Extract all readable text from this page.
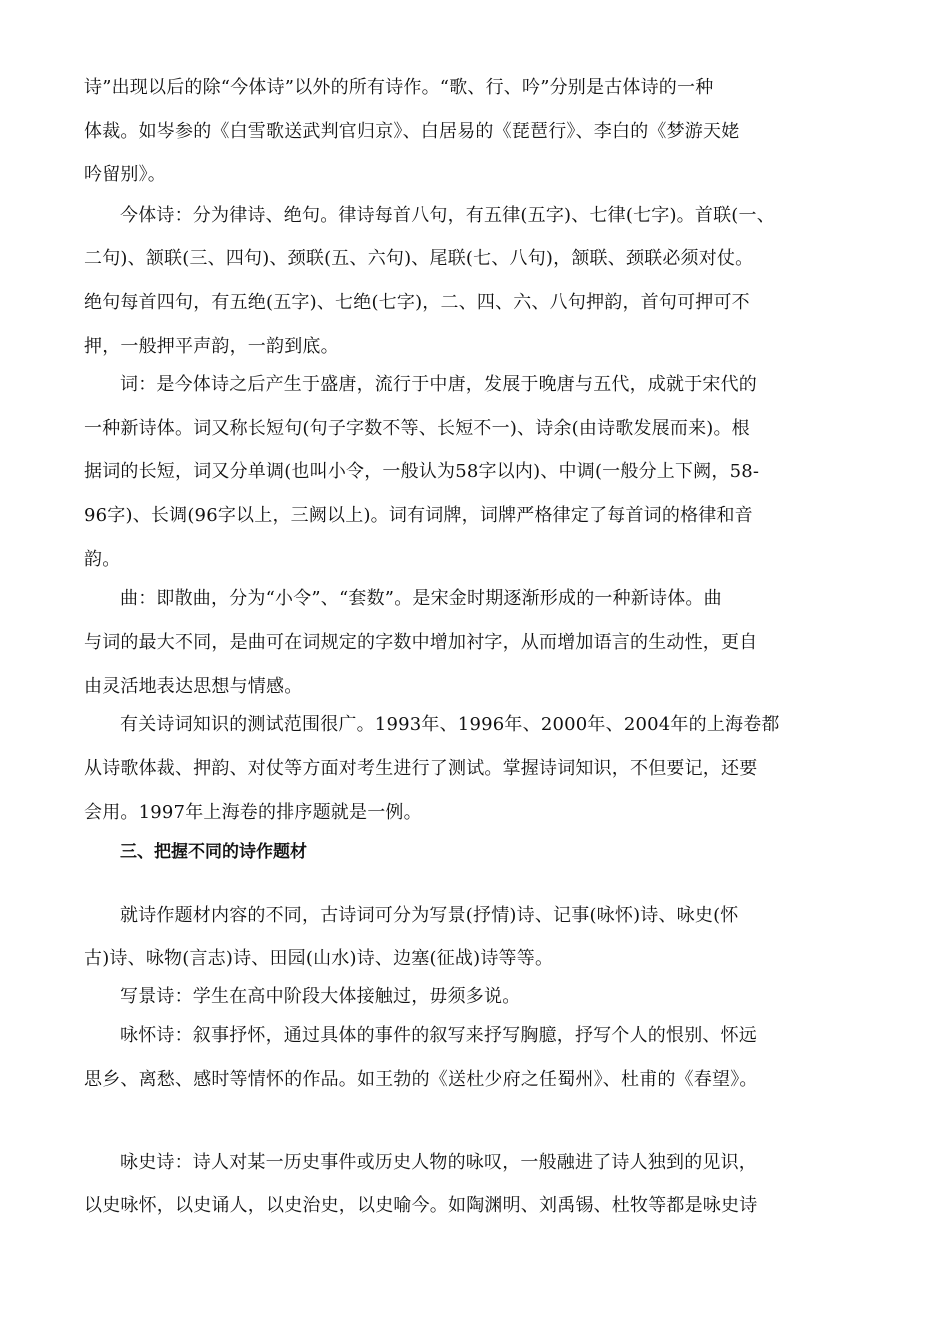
诗”出现以后的除“今体诗”以外的所有诗作。“歌、行、吟”分别是古体诗的一种
体裁。如岑参的《白雪歌送武判官归京》、白居易的《琵琶行》、李白的《梦游天姥
吟留别》。
今体诗：分为律诗、绝句。律诗每首八句，有五律(五字)、七律(七字)。首联(一、
二句)、颔联(三、四句)、颈联(五、六句)、尾联(七、八句)，颔联、颈联必须对仗。
绝句每首四句，有五绝(五字)、七绝(七字)，二、四、六、八句押韵，首句可押可不
押，一般押平声韵，一韵到底。
词：是今体诗之后产生于盛唐，流行于中唐，发展于晚唐与五代，成就于宋代的
一种新诗体。词又称长短句(句子字数不等、长短不一)、诗余(由诗歌发展而来)。根
据词的长短，词又分单调(也叫小令，一般认为58字以内)、中调(一般分上下阙，58-
96字)、长调(96字以上，三阙以上)。词有词牌，词牌严格律定了每首词的格律和音
韵。
曲：即散曲，分为“小令”、“套数”。是宋金时期逐渐形成的一种新诗体。曲
与词的最大不同，是曲可在词规定的字数中增加衬字，从而增加语言的生动性，更自
由灵活地表达思想与情感。
有关诗词知识的测试范围很广。1993年、1996年、2000年、2004年的上海卷都
从诗歌体裁、押韵、对仗等方面对考生进行了测试。掌握诗词知识，不但要记，还要
会用。1997年上海卷的排序题就是一例。
三、把握不同的诗作题材
就诗作题材内容的不同，古诗词可分为写景(抒情)诗、记事(咏怀)诗、咏史(怀
古)诗、咏物(言志)诗、田园(山水)诗、边塞(征战)诗等等。
写景诗：学生在高中阶段大体接触过，毋须多说。
咏怀诗：叙事抒怀，通过具体的事件的叙写来抒写胸臆，抒写个人的恨别、怀远
思乡、离愁、感时等情怀的作品。如王勃的《送杜少府之任蜀州》、杜甫的《春望》。
咏史诗：诗人对某一历史事件或历史人物的咏叹，一般融进了诗人独到的见识，
以史咏怀，以史诵人，以史治史，以史喻今。如陶渊明、刘禹锡、杜牧等都是咏史诗
